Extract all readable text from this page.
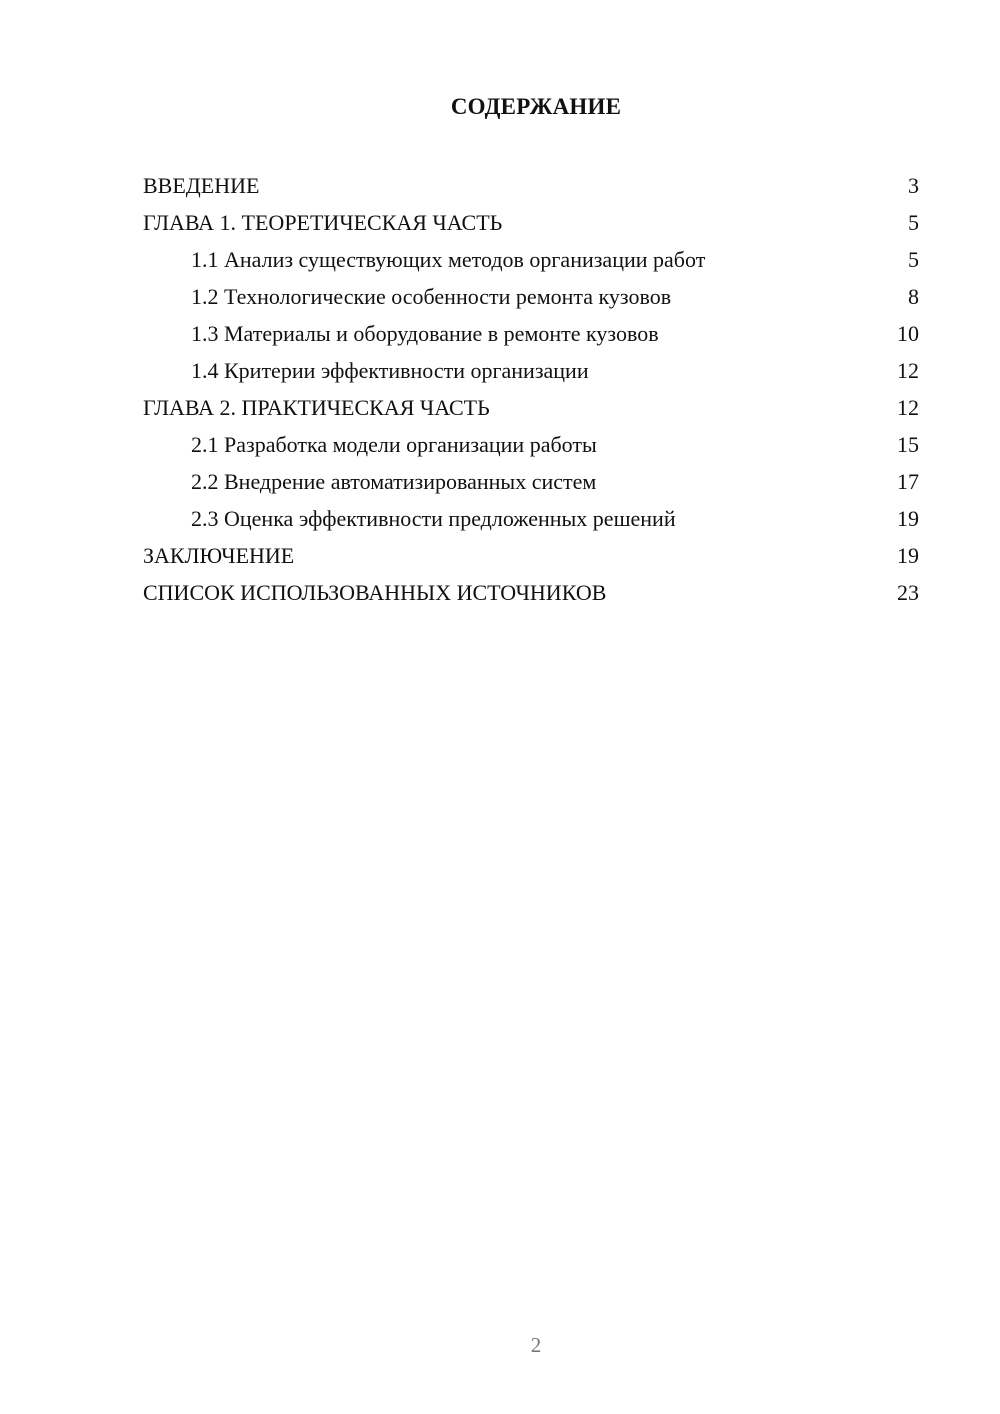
СОДЕРЖАНИЕ
ВВЕДЕНИЕ	3
ГЛАВА 1. ТЕОРЕТИЧЕСКАЯ ЧАСТЬ	5
1.1 Анализ существующих методов организации работ	5
1.2 Технологические особенности ремонта кузовов	8
1.3 Материалы и оборудование в ремонте кузовов	10
1.4 Критерии эффективности организации	12
ГЛАВА 2. ПРАКТИЧЕСКАЯ ЧАСТЬ	12
2.1 Разработка модели организации работы	15
2.2 Внедрение автоматизированных систем	17
2.3 Оценка эффективности предложенных решений	19
ЗАКЛЮЧЕНИЕ	19
СПИСОК ИСПОЛЬЗОВАННЫХ ИСТОЧНИКОВ	23
2
